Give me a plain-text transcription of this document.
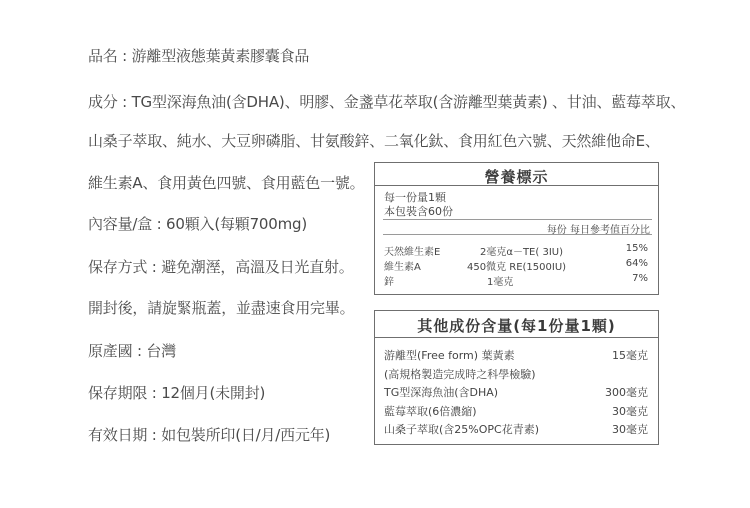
品名 : 游離型液態葉黃素膠囊食品
成分 : TG型深海魚油(含DHA)、明膠、金盞草花萃取(含游離型葉黃素) 、甘油、藍莓萃取、
山桑子萃取、純水、大豆卵磷脂、甘氨酸鋅、二氧化鈦、食用紅色六號、天然維他命E、
維生素A、食用黃色四號、食用藍色一號。
內容量/盒 : 60顆入(每顆700mg)
保存方式 : 避免潮溼，高溫及日光直射。
開封後，請旋緊瓶蓋，並盡速食用完畢。
原產國 : 台灣
保存期限 : 12個月(未開封)
有效日期 : 如包裝所印(日/月/西元年)
營養標示
每一份量1顆
本包裝含60份
每份 每日參考值百分比
天然維生素E	2毫克α－TE( 3IU)	15%
維生素A	450微克 RE(1500IU)	64%
鋅	1毫克	7%
其他成份含量(每1份量1顆)
游離型(Free form) 葉黃素	15毫克
(高規格製造完成時之科學檢驗)
TG型深海魚油(含DHA)	300毫克
藍莓萃取(6倍濃縮)	30毫克
山桑子萃取(含25%OPC花青素)	30毫克
